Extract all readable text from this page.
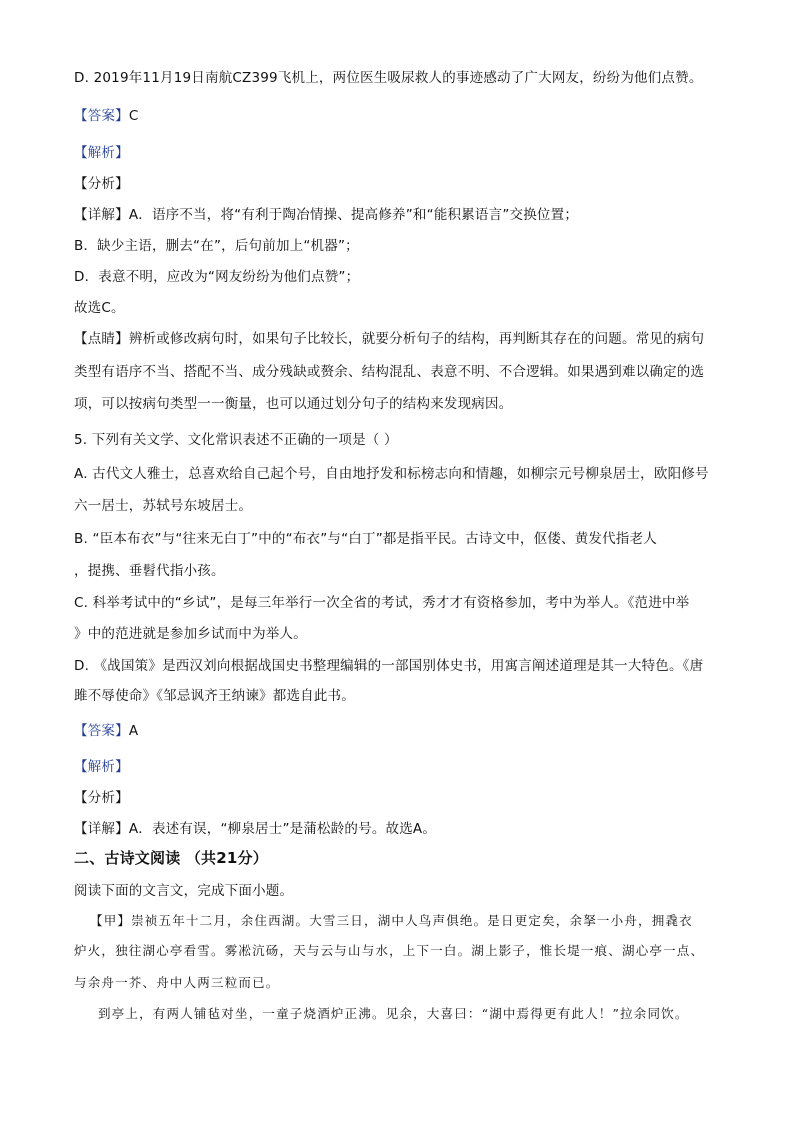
D. 2019年11月19日南航CZ399飞机上，两位医生吸尿救人的事迹感动了广大网友，纷纷为他们点赞。
【答案】C
【解析】
【分析】
【详解】A．语序不当，将“有利于陶冶情操、提高修养”和“能积累语言”交换位置；
B．缺少主语，删去“在”，后句前加上“机器”；
D．表意不明，应改为“网友纷纷为他们点赞”；
故选C。
【点睛】辨析或修改病句时，如果句子比较长，就要分析句子的结构，再判断其存在的问题。常见的病句
类型有语序不当、搭配不当、成分残缺或赘余、结构混乱、表意不明、不合逻辑。如果遇到难以确定的选
项，可以按病句类型一一衡量，也可以通过划分句子的结构来发现病因。
5. 下列有关文学、文化常识表述不正确的一项是（ ）
A. 古代文人雅士，总喜欢给自己起个号，自由地抒发和标榜志向和情趣，如柳宗元号柳泉居士，欧阳修号
六一居士，苏轼号东坡居士。
B. “臣本布衣”与“往来无白丁”中的“布衣”与“白丁”都是指平民。古诗文中，伛偻、黄发代指老人
，提携、垂髫代指小孩。
C. 科举考试中的“乡试”，是每三年举行一次全省的考试，秀才才有资格参加，考中为举人。《范进中举
》中的范进就是参加乡试而中为举人。
D. 《战国策》是西汉刘向根据战国史书整理编辑的一部国别体史书，用寓言阐述道理是其一大特色。《唐
雎不辱使命》《邹忌讽齐王纳谏》都选自此书。
【答案】A
【解析】
【分析】
【详解】A．表述有误，“柳泉居士”是蒲松龄的号。故选A。
二、古诗文阅读 （共21分）
阅读下面的文言文，完成下面小题。
【甲】崇祯五年十二月，余住西湖。大雪三日，湖中人鸟声俱绝。是日更定矣，余拏一小舟，拥毳衣
炉火，独往湖心亭看雪。雾凇沆砀，天与云与山与水，上下一白。湖上影子，惟长堤一痕、湖心亭一点、
与余舟一芥、舟中人两三粒而已。
到亭上，有两人铺毡对坐，一童子烧酒炉正沸。见余，大喜曰：“湖中焉得更有此人！”拉余同饮。
